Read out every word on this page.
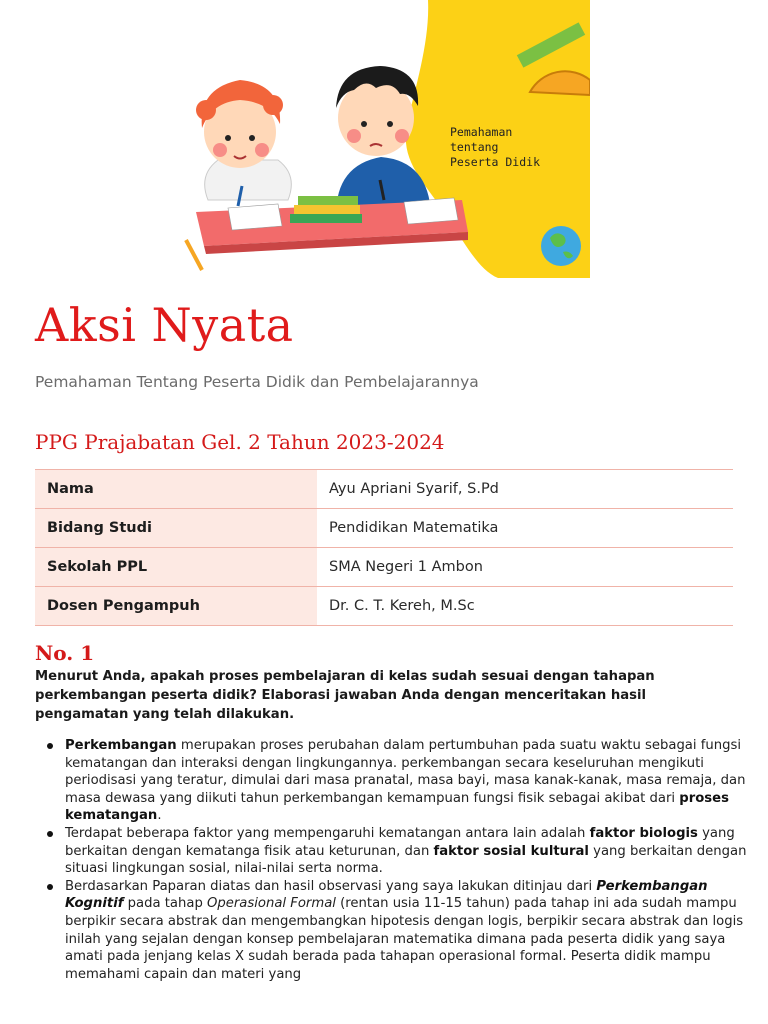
Pemahaman
tentang
Peserta Didik
Aksi Nyata

Pemahaman Tentang Peserta Didik dan Pembelajarannya

PPG Prajabatan Gel. 2 Tahun 2023-2024
Nama	Ayu Apriani Syarif, S.Pd
Bidang Studi	Pendidikan Matematika
Sekolah PPL	SMA Negeri 1 Ambon
Dosen Pengampuh	Dr. C. T. Kereh, M.Sc
No. 1

Menurut Anda, apakah proses pembelajaran di kelas sudah sesuai dengan tahapan perkembangan peserta didik? Elaborasi jawaban Anda dengan menceritakan hasil pengamatan yang telah dilakukan.

Perkembangan merupakan proses perubahan dalam pertumbuhan pada suatu waktu sebagai fungsi kematangan dan interaksi dengan lingkungannya. perkembangan secara keseluruhan mengikuti periodisasi yang teratur, dimulai dari masa pranatal, masa bayi, masa kanak-kanak, masa remaja, dan masa dewasa yang diikuti tahun perkembangan kemampuan fungsi fisik sebagai akibat dari proses kematangan.
Terdapat beberapa faktor yang mempengaruhi kematangan antara lain adalah faktor biologis yang berkaitan dengan kematanga fisik atau keturunan, dan faktor sosial kultural yang berkaitan dengan situasi lingkungan sosial, nilai-nilai serta norma.
Berdasarkan Paparan diatas dan hasil observasi yang saya lakukan ditinjau dari Perkembangan Kognitif pada tahap Operasional Formal (rentan usia 11-15 tahun) pada tahap ini ada sudah mampu berpikir secara abstrak dan mengembangkan hipotesis dengan logis, berpikir secara abstrak dan logis inilah yang sejalan dengan konsep pembelajaran matematika dimana pada peserta didik yang saya amati pada jenjang kelas X sudah berada pada tahapan operasional formal. Peserta didik mampu memahami capain dan materi yang
